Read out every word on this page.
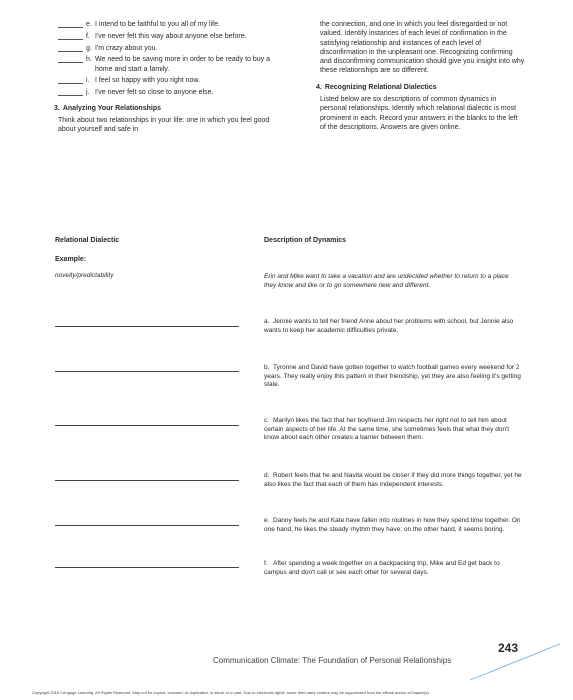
e. I intend to be faithful to you all of my life.
f. I've never felt this way about anyone else before.
g. I'm crazy about you.
h. We need to be saving more in order to be ready to buy a home and start a family.
i. I feel so happy with you right now.
j. I've never felt so close to anyone else.
3. Analyzing Your Relationships
Think about two relationships in your life: one in which you feel good about yourself and safe in
the connection, and one in which you feel disregarded or not valued. Identify instances of each level of confirmation in the satisfying relationship and instances of each level of disconfirmation in the unpleasant one. Recognizing confirming and disconfirming communication should give you insight into why these relationships are so different.
4. Recognizing Relational Dialectics
Listed below are six descriptions of common dynamics in personal relationships. Identify which relational dialectic is most prominent in each. Record your answers in the blanks to the left of the descriptions. Answers are given online.
Relational Dialectic	Description of Dynamics
Example:
novelty/predictability	Erin and Mike want to take a vacation and are undecided whether to return to a place they know and like or to go somewhere new and different.
a. Jennie wants to tell her friend Anne about her problems with school, but Jennie also wants to keep her academic difficulties private.
b. Tyronne and David have gotten together to watch football games every weekend for 2 years. They really enjoy this pattern in their friendship, yet they are also feeling it's getting stale.
c. Marilyn likes the fact that her boyfriend Jim respects her right not to tell him about certain aspects of her life. At the same time, she sometimes feels that what they don't know about each other creates a barrier between them.
d. Robert feels that he and Navita would be closer if they did more things together, yet he also likes the fact that each of them has independent interests.
e. Danny feels he and Kate have fallen into routines in how they spend time together. On one hand, he likes the steady rhythm they have; on the other hand, it seems boring.
f. After spending a week together on a backpacking trip, Mike and Ed get back to campus and don't call or see each other for several days.
243
Communication Climate: The Foundation of Personal Relationships
Copyright 2016 Cengage Learning. All Rights Reserved. May not be copied, scanned, or duplicated, in whole or in part. Due to electronic rights, some third party content may be suppressed from the eBook and/or eChapter(s).
